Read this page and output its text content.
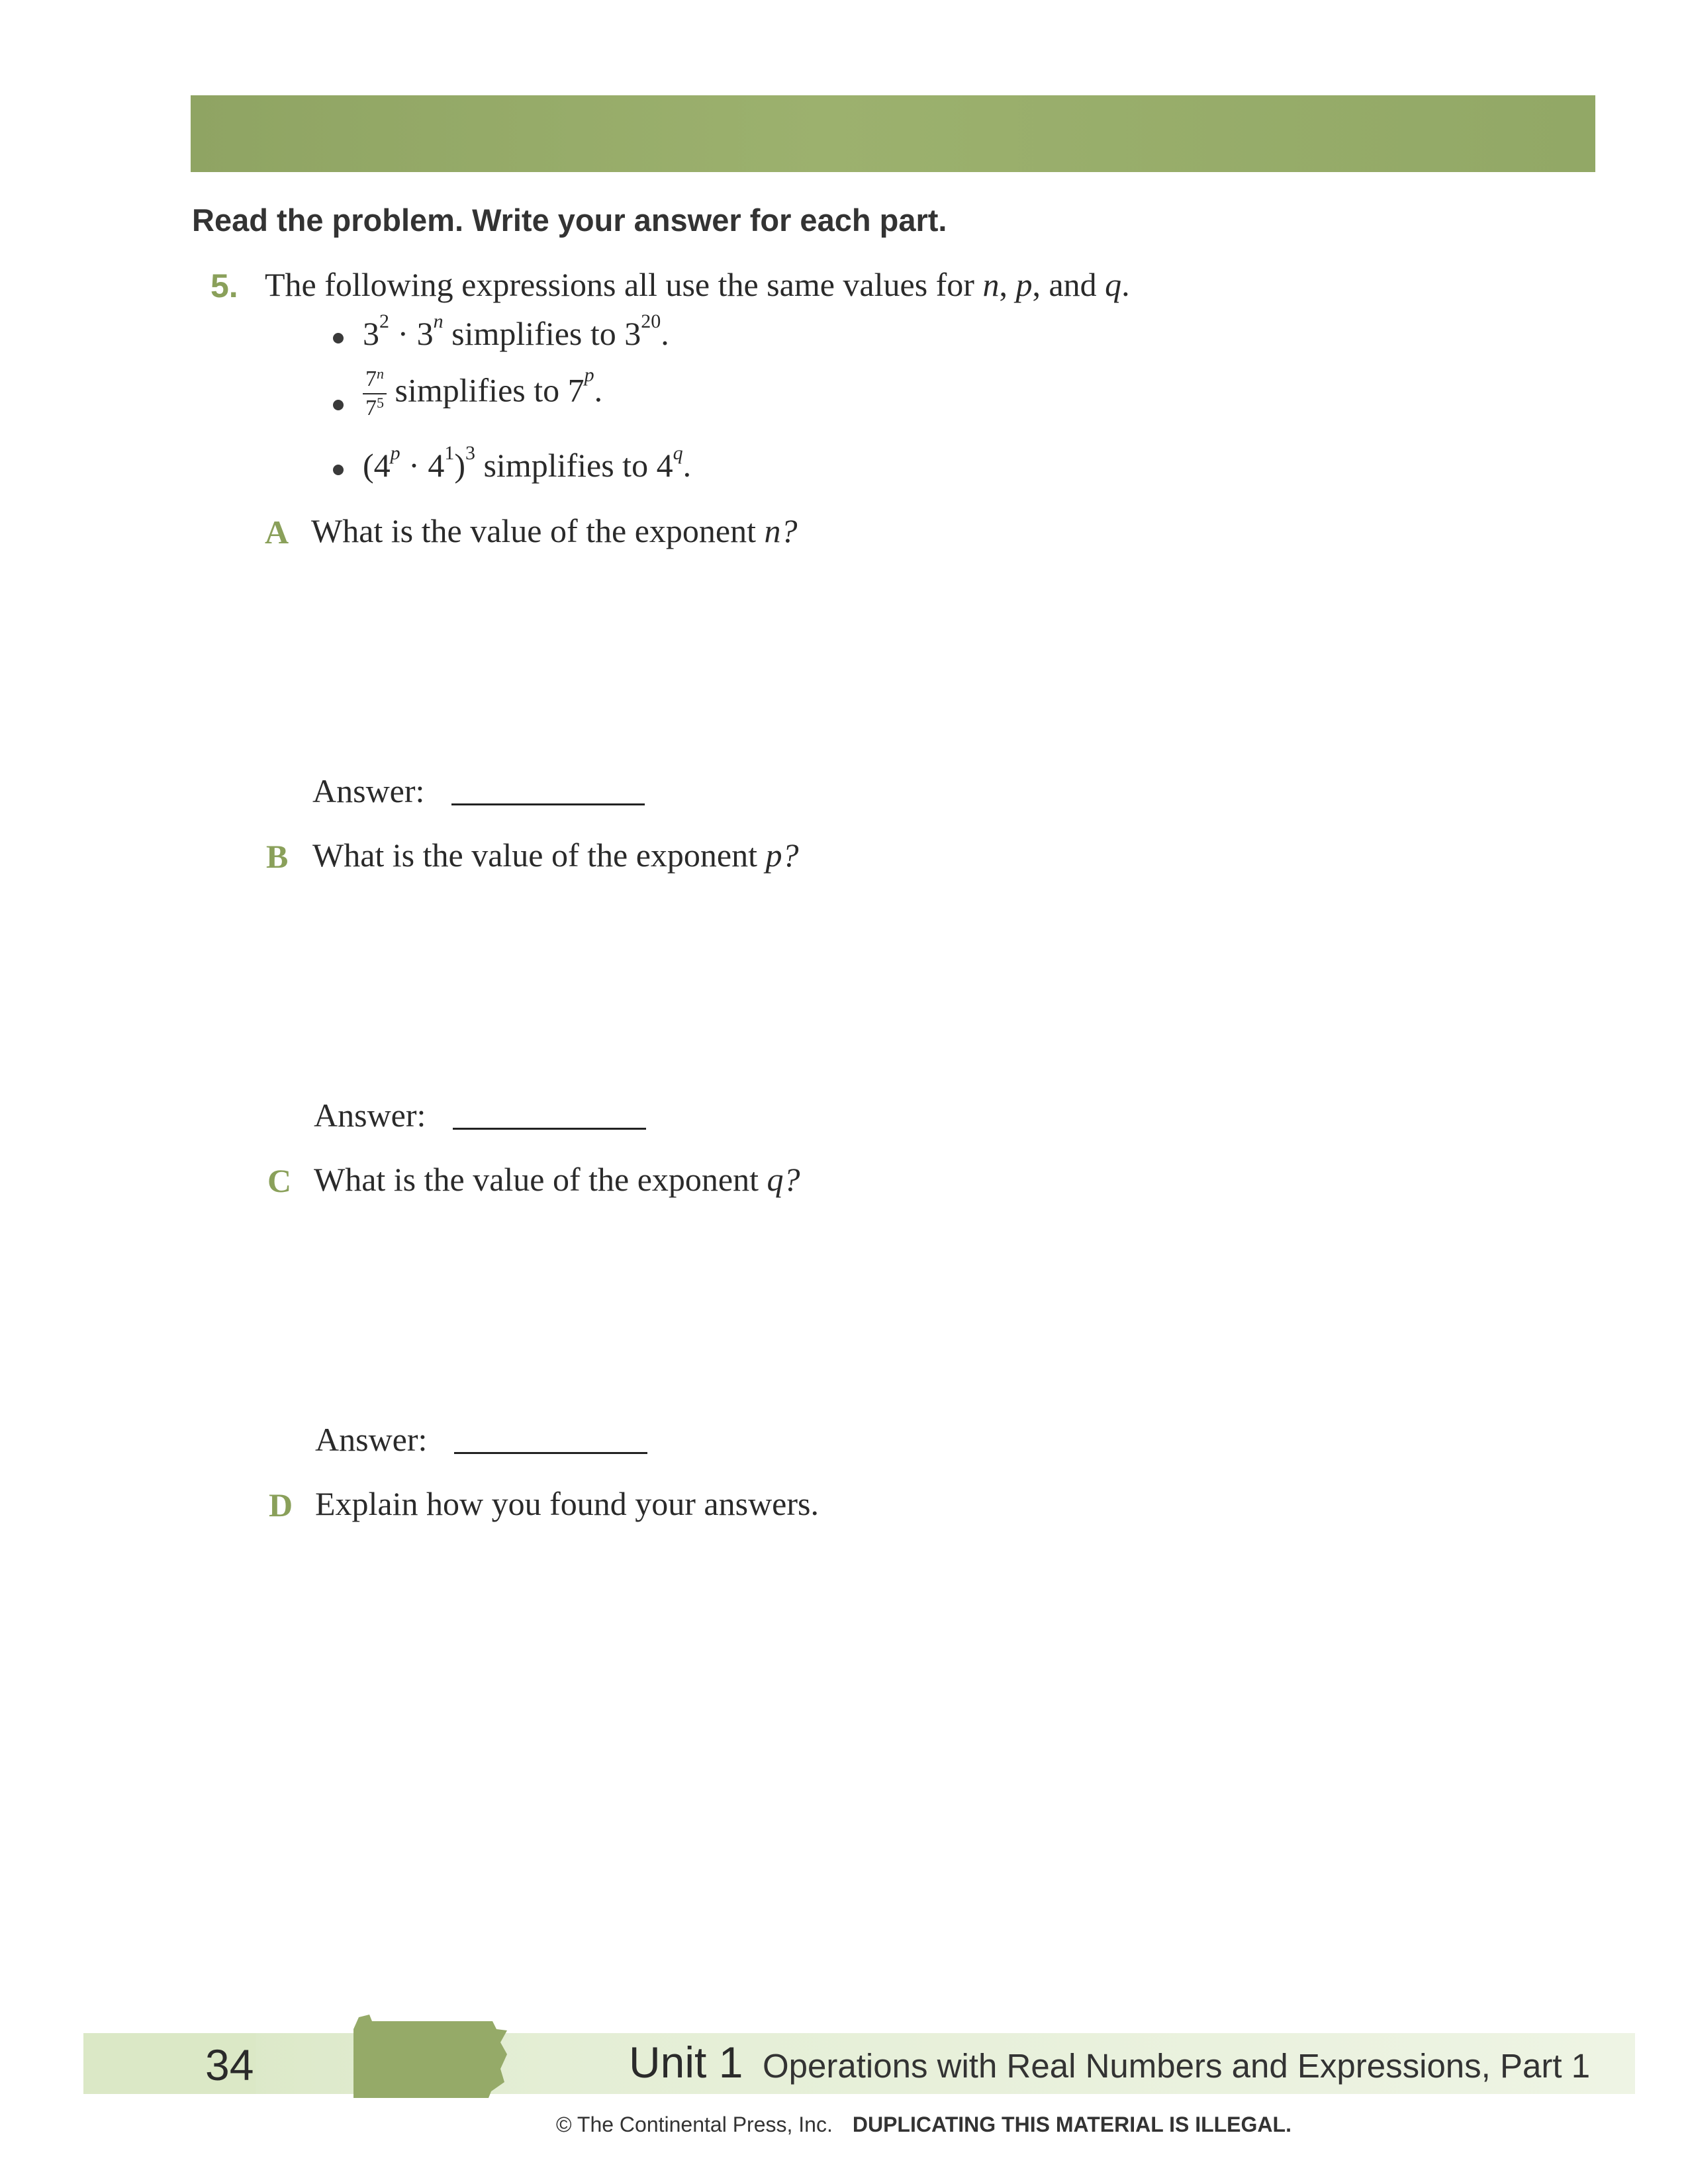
Read the problem. Write your answer for each part.
5. The following expressions all use the same values for n, p, and q.
$3^2 \cdot 3^n$ simplifies to $3^{20}$.
$\frac{7^n}{7^5}$ simplifies to 7$^p$.
$(4^p \cdot 4^1)^3$ simplifies to 4$^q$.
A What is the value of the exponent n?
Answer:
B What is the value of the exponent p?
Answer:
C What is the value of the exponent q?
Answer:
D Explain how you found your answers.
34	Unit 1 Operations with Real Numbers and Expressions, Part 1
© The Continental Press, Inc. DUPLICATING THIS MATERIAL IS ILLEGAL.
